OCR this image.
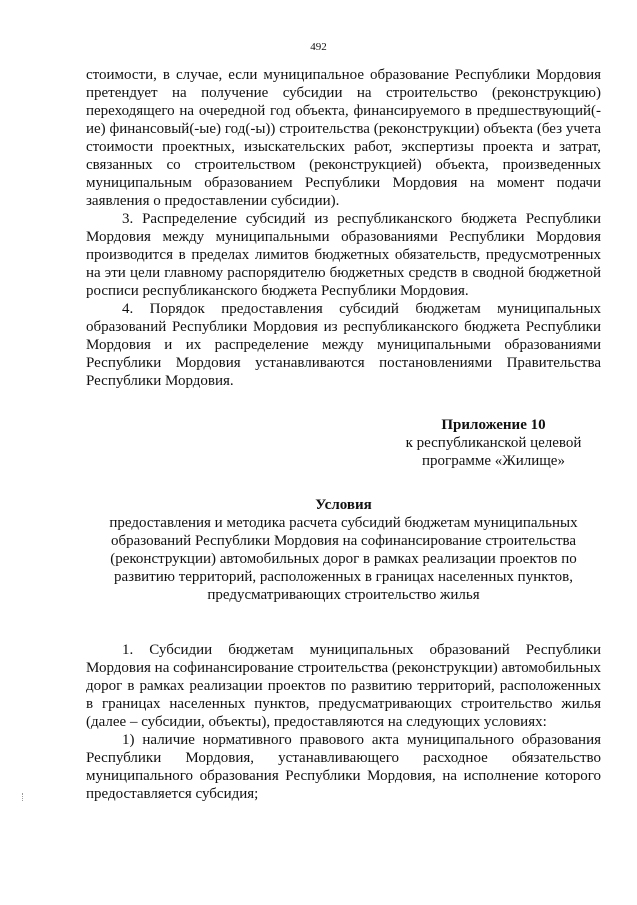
492

стоимости, в случае, если муниципальное образование Республики Мордовия претендует на получение субсидии на строительство (реконструкцию) переходящего на очередной год объекта, финансируемого в предшествующий(-ие) финансовый(-ые) год(-ы)) строительства (реконструкции) объекта (без учета стоимости проектных, изыскательских работ, экспертизы проекта и затрат, связанных со строительством (реконструкцией) объекта, произведенных муниципальным образованием Республики Мордовия на момент подачи заявления о предоставлении субсидии).

3. Распределение субсидий из республиканского бюджета Республики Мордовия между муниципальными образованиями Республики Мордовия производится в пределах лимитов бюджетных обязательств, предусмотренных на эти цели главному распорядителю бюджетных средств в сводной бюджетной росписи республиканского бюджета Республики Мордовия.

4. Порядок предоставления субсидий бюджетам муниципальных образований Республики Мордовия из республиканского бюджета Республики Мордовия и их распределение между муниципальными образованиями Республики Мордовия устанавливаются постановлениями Правительства Республики Мордовия.

Приложение 10
к республиканской целевой
программе «Жилище»
Условия
предоставления и методика расчета субсидий бюджетам муниципальных образований Республики Мордовия на софинансирование строительства (реконструкции) автомобильных дорог в рамках реализации проектов по развитию территорий, расположенных в границах населенных пунктов, предусматривающих строительство жилья

1. Субсидии бюджетам муниципальных образований Республики Мордовия на софинансирование строительства (реконструкции) автомобильных дорог в рамках реализации проектов по развитию территорий, расположенных в границах населенных пунктов, предусматривающих строительство жилья (далее – субсидии, объекты), предоставляются на следующих условиях:

1) наличие нормативного правового акта муниципального образования Республики Мордовия, устанавливающего расходное обязательство муниципального образования Республики Мордовия, на исполнение которого предоставляется субсидия;
